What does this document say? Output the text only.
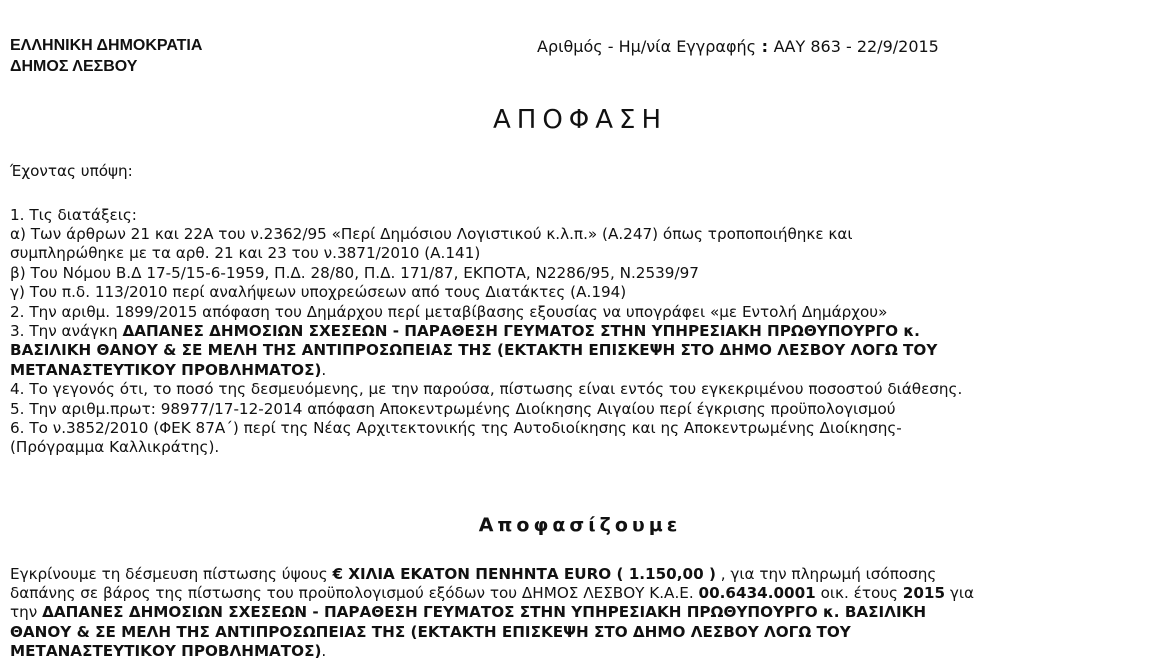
ΕΛΛΗΝΙΚΗ ΔΗΜΟΚΡΑΤΙΑ
ΔΗΜΟΣ ΛΕΣΒΟΥ
Αριθμός - Ημ/νία Εγγραφής : ΑΑΥ 863 - 22/9/2015
ΑΠΟΦΑΣΗ
Έχοντας υπόψη:
1. Τις διατάξεις:
α) Των άρθρων 21 και 22Α του ν.2362/95 «Περί Δημόσιου Λογιστικού κ.λ.π.» (Α.247) όπως τροποποιήθηκε και
συμπληρώθηκε με τα αρθ. 21 και 23 του ν.3871/2010 (Α.141)
β) Του Νόμου Β.Δ 17-5/15-6-1959, Π.Δ. 28/80, Π.Δ. 171/87, ΕΚΠΟΤΑ, Ν2286/95, Ν.2539/97
γ) Του π.δ. 113/2010 περί αναλήψεων υποχρεώσεων από τους Διατάκτες (Α.194)
2. Την αριθμ. 1899/2015 απόφαση του Δημάρχου περί μεταβίβασης εξουσίας να υπογράφει «με Εντολή Δημάρχου»
3. Την ανάγκη ΔΑΠΑΝΕΣ ΔΗΜΟΣΙΩΝ ΣΧΕΣΕΩΝ - ΠΑΡΑΘΕΣΗ ΓΕΥΜΑΤΟΣ ΣΤΗΝ ΥΠΗΡΕΣΙΑΚΗ ΠΡΩΘΥΠΟΥΡΓΟ κ.
ΒΑΣΙΛΙΚΗ ΘΑΝΟΥ & ΣΕ ΜΕΛΗ ΤΗΣ ΑΝΤΙΠΡΟΣΩΠΕΙΑΣ ΤΗΣ (ΕΚΤΑΚΤΗ ΕΠΙΣΚΕΨΗ ΣΤΟ ΔΗΜΟ ΛΕΣΒΟΥ ΛΟΓΩ ΤΟΥ
ΜΕΤΑΝΑΣΤΕΥΤΙΚΟΥ ΠΡΟΒΛΗΜΑΤΟΣ).
4. Το γεγονός ότι, το ποσό της δεσμευόμενης, με την παρούσα, πίστωσης είναι εντός του εγκεκριμένου ποσοστού διάθεσης.
5. Την αριθμ.πρωτ: 98977/17-12-2014 απόφαση Αποκεντρωμένης Διοίκησης Αιγαίου περί έγκρισης προϋπολογισμού
6. Το ν.3852/2010 (ΦΕΚ 87Α΄) περί της Νέας Αρχιτεκτονικής της Αυτοδιοίκησης και ης Αποκεντρωμένης Διοίκησης-
(Πρόγραμμα Καλλικράτης).
Αποφασίζουμε
Εγκρίνουμε τη δέσμευση πίστωσης ύψους € ΧΙΛΙΑ ΕΚΑΤΟΝ ΠΕΝΗΝΤΑ EURO ( 1.150,00 ) , για την πληρωμή ισόποσης
δαπάνης σε βάρος της πίστωσης του προϋπολογισμού εξόδων του ΔΗΜΟΣ ΛΕΣΒΟΥ Κ.Α.Ε. 00.6434.0001 οικ. έτους 2015 για
την ΔΑΠΑΝΕΣ ΔΗΜΟΣΙΩΝ ΣΧΕΣΕΩΝ - ΠΑΡΑΘΕΣΗ ΓΕΥΜΑΤΟΣ ΣΤΗΝ ΥΠΗΡΕΣΙΑΚΗ ΠΡΩΘΥΠΟΥΡΓΟ κ. ΒΑΣΙΛΙΚΗ
ΘΑΝΟΥ & ΣΕ ΜΕΛΗ ΤΗΣ ΑΝΤΙΠΡΟΣΩΠΕΙΑΣ ΤΗΣ (ΕΚΤΑΚΤΗ ΕΠΙΣΚΕΨΗ ΣΤΟ ΔΗΜΟ ΛΕΣΒΟΥ ΛΟΓΩ ΤΟΥ
ΜΕΤΑΝΑΣΤΕΥΤΙΚΟΥ ΠΡΟΒΛΗΜΑΤΟΣ).
